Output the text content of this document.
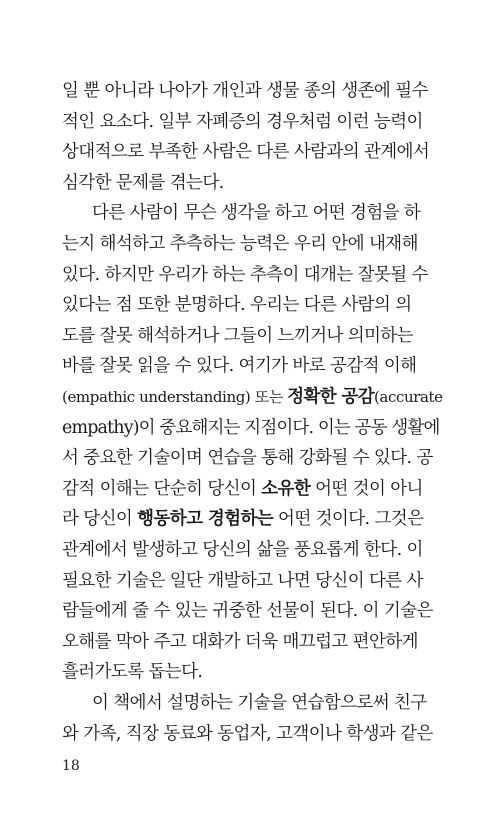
일 뿐 아니라 나아가 개인과 생물 종의 생존에 필수
적인 요소다. 일부 자폐증의 경우처럼 이런 능력이
상대적으로 부족한 사람은 다른 사람과의 관계에서
심각한 문제를 겪는다.
다른 사람이 무슨 생각을 하고 어떤 경험을 하
는지 해석하고 추측하는 능력은 우리 안에 내재해
있다. 하지만 우리가 하는 추측이 대개는 잘못될 수
있다는 점 또한 분명하다. 우리는 다른 사람의 의
도를 잘못 해석하거나 그들이 느끼거나 의미하는
바를 잘못 읽을 수 있다. 여기가 바로 공감적 이해
(empathic understanding) 또는 정확한 공감(accurate
empathy)이 중요해지는 지점이다. 이는 공동 생활에
서 중요한 기술이며 연습을 통해 강화될 수 있다. 공
감적 이해는 단순히 당신이 소유한 어떤 것이 아니
라 당신이 행동하고 경험하는 어떤 것이다. 그것은
관계에서 발생하고 당신의 삶을 풍요롭게 한다. 이
필요한 기술은 일단 개발하고 나면 당신이 다른 사
람들에게 줄 수 있는 귀중한 선물이 된다. 이 기술은
오해를 막아 주고 대화가 더욱 매끄럽고 편안하게
흘러가도록 돕는다.
이 책에서 설명하는 기술을 연습함으로써 친구
18
와 가족, 직장 동료와 동업자, 고객이나 학생과 같은
